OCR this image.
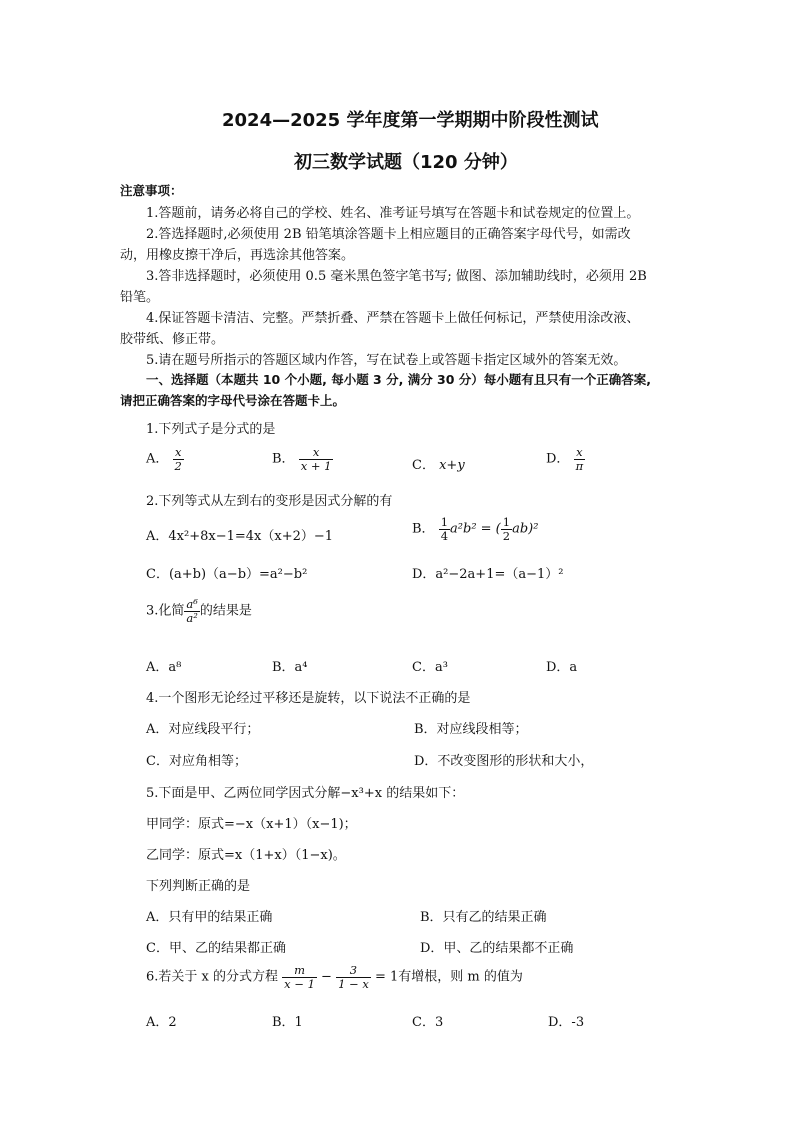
2024—2025 学年度第一学期期中阶段性测试
初三数学试题（120 分钟）
注意事项：
1.答题前，请务必将自己的学校、姓名、准考证号填写在答题卡和试卷规定的位置上。
2.答选择题时,必须使用 2B 铅笔填涂答题卡上相应题目的正确答案字母代号，如需改
动，用橡皮擦干净后，再选涂其他答案。
3.答非选择题时，必须使用 0.5 毫米黑色签字笔书写; 做图、添加辅助线时，必须用 2B
铅笔。
4.保证答题卡清洁、完整。严禁折叠、严禁在答题卡上做任何标记，严禁使用涂改液、
胶带纸、修正带。
5.请在题号所指示的答题区域内作答，写在试卷上或答题卡指定区域外的答案无效。
一、选择题（本题共 10 个小题, 每小题 3 分, 满分 30 分）每小题有且只有一个正确答案,
请把正确答案的字母代号涂在答题卡上。
1.下列式子是分式的是
A． $\frac{x}{2}$	B． $\frac{x}{x + 1}$	C． x+y	D． $\frac{x}{\pi}$
2.下列等式从左到右的变形是因式分解的有
A．4x²+8x−1=4x（x+2）−1	B． $\frac{1}{4} a^2b^2$ = ( $\frac{1}{2} ab)^2$
C．(a+b)（a−b）=a²−b²	D．a²−2a+1=（a−1）²
3.化简 $\frac{\text{a⁶}}{\text{a²}}$ 的结果是
A．a⁸	B．a⁴	C．a³	D．a
4.一个图形无论经过平移还是旋转，以下说法不正确的是
A．对应线段平行；	B．对应线段相等；
C．对应角相等；	D．不改变图形的形状和大小，
5.下面是甲、乙两位同学因式分解−x³+x 的结果如下：
甲同学：原式=−x（x+1）（x−1)；
乙同学：原式=x（1+x）（1−x)。
下列判断正确的是
A．只有甲的结果正确	B．只有乙的结果正确
C．甲、乙的结果都正确	D．甲、乙的结果都不正确
6.若关于 x 的分式方程 $\frac{m}{x - 1} - \frac{3}{1 - x} = 1$有增根，则 m 的值为
A．2	B．1	C．3	D．-3
